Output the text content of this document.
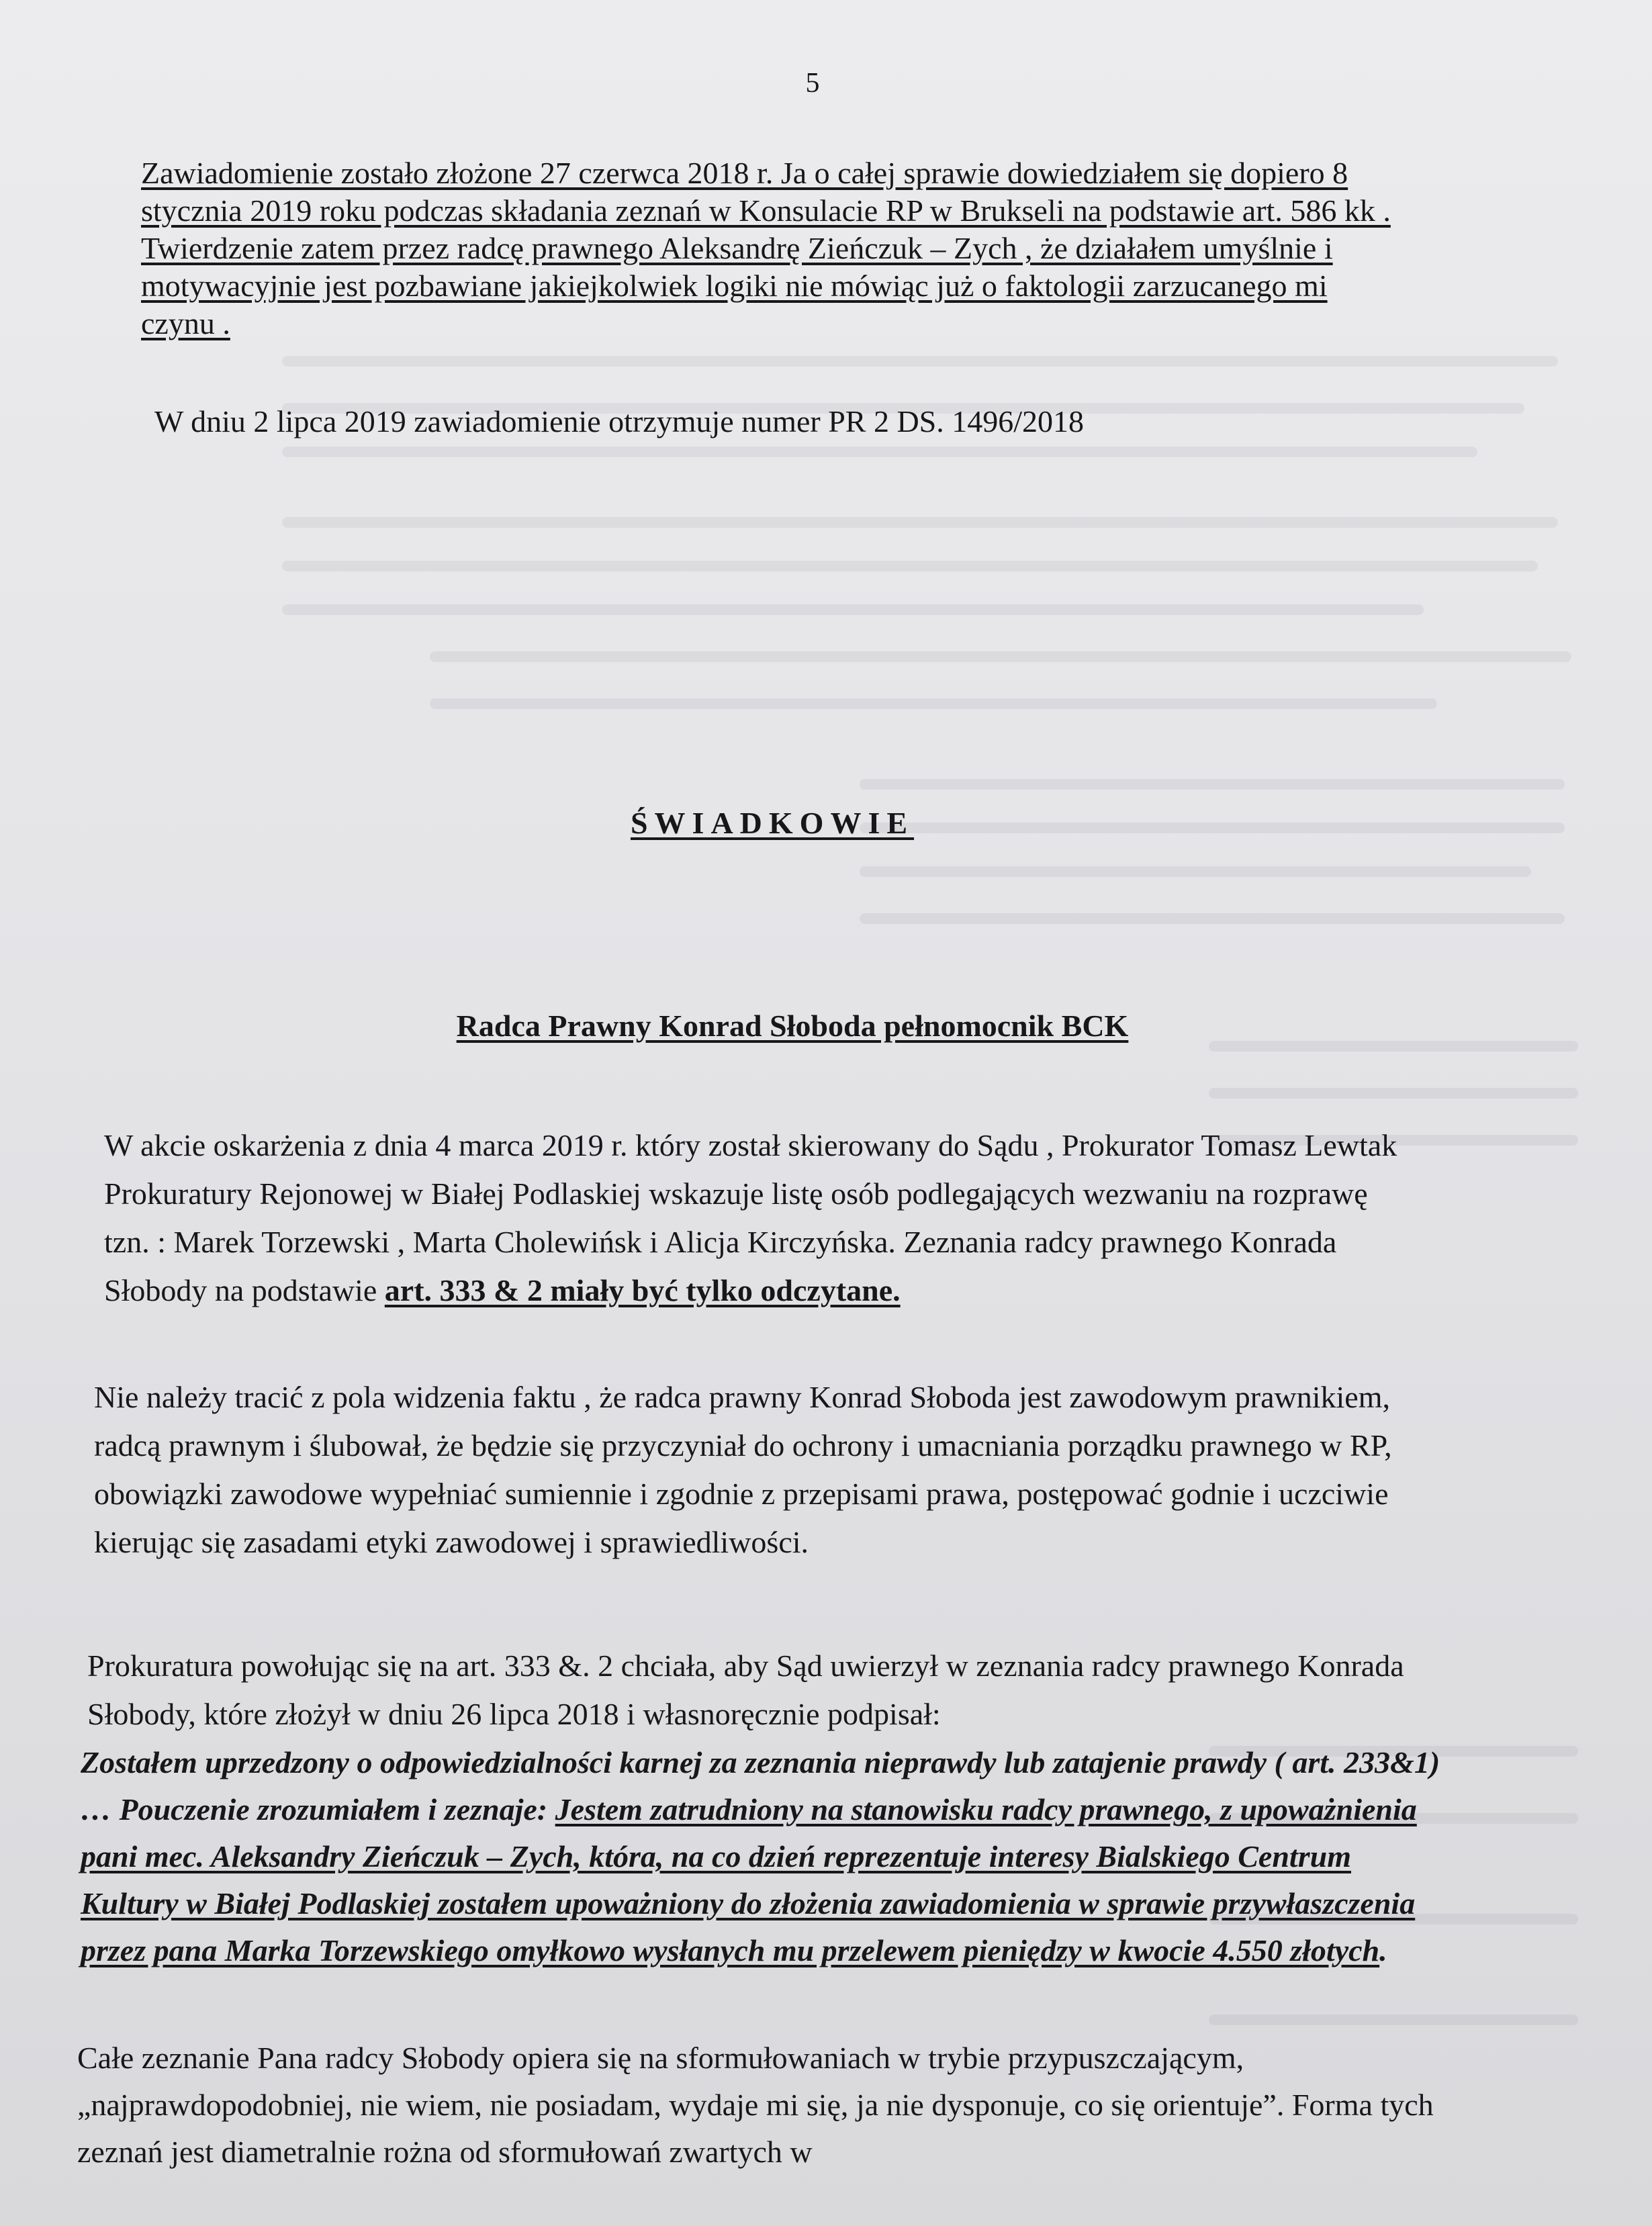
5
Zawiadomienie zostało złożone 27 czerwca 2018 r. Ja o całej sprawie dowiedziałem się dopiero 8 stycznia 2019 roku podczas składania zeznań w Konsulacie RP w Brukseli na podstawie art. 586 kk . Twierdzenie zatem przez radcę prawnego Aleksandrę Zieńczuk – Zych , że działałem umyślnie i motywacyjnie jest pozbawiane jakiejkolwiek logiki nie mówiąc już o faktologii zarzucanego mi czynu .
W dniu 2 lipca 2019 zawiadomienie otrzymuje numer PR 2 DS. 1496/2018
ŚWIADKOWIE
Radca Prawny Konrad Słoboda pełnomocnik BCK
W akcie oskarżenia z dnia 4 marca 2019 r. który został skierowany do Sądu , Prokurator Tomasz Lewtak Prokuratury Rejonowej w Białej Podlaskiej wskazuje listę osób podlegających wezwaniu na rozprawę tzn. : Marek Torzewski , Marta Cholewińsk i Alicja Kirczyńska. Zeznania radcy prawnego Konrada Słobody na podstawie art. 333 & 2 miały być tylko odczytane.
Nie należy tracić z pola widzenia faktu , że radca prawny Konrad Słoboda jest zawodowym prawnikiem, radcą prawnym i ślubował, że będzie się przyczyniał do ochrony i umacniania porządku prawnego w RP, obowiązki zawodowe wypełniać sumiennie i zgodnie z przepisami prawa, postępować godnie i uczciwie kierując się zasadami etyki zawodowej i sprawiedliwości.
Prokuratura powołując się na art. 333 &. 2 chciała, aby Sąd uwierzył w zeznania radcy prawnego Konrada Słobody, które złożył w dniu 26 lipca 2018 i własnoręcznie podpisał:
Zostałem uprzedzony o odpowiedzialności karnej za zeznania nieprawdy lub zatajenie prawdy ( art. 233&1) … Pouczenie zrozumiałem i zeznaje: Jestem zatrudniony na stanowisku radcy prawnego, z upoważnienia pani mec. Aleksandry Zieńczuk – Zych, która, na co dzień reprezentuje interesy Bialskiego Centrum Kultury w Białej Podlaskiej zostałem upoważniony do złożenia zawiadomienia w sprawie przywłaszczenia przez pana Marka Torzewskiego omyłkowo wysłanych mu przelewem pieniędzy w kwocie 4.550 złotych.
Całe zeznanie Pana radcy Słobody opiera się na sformułowaniach w trybie przypuszczającym, „najprawdopodobniej, nie wiem, nie posiadam, wydaje mi się, ja nie dysponuje, co się orientuje”. Forma tych zeznań jest diametralnie rożna od sformułowań zwartych w
